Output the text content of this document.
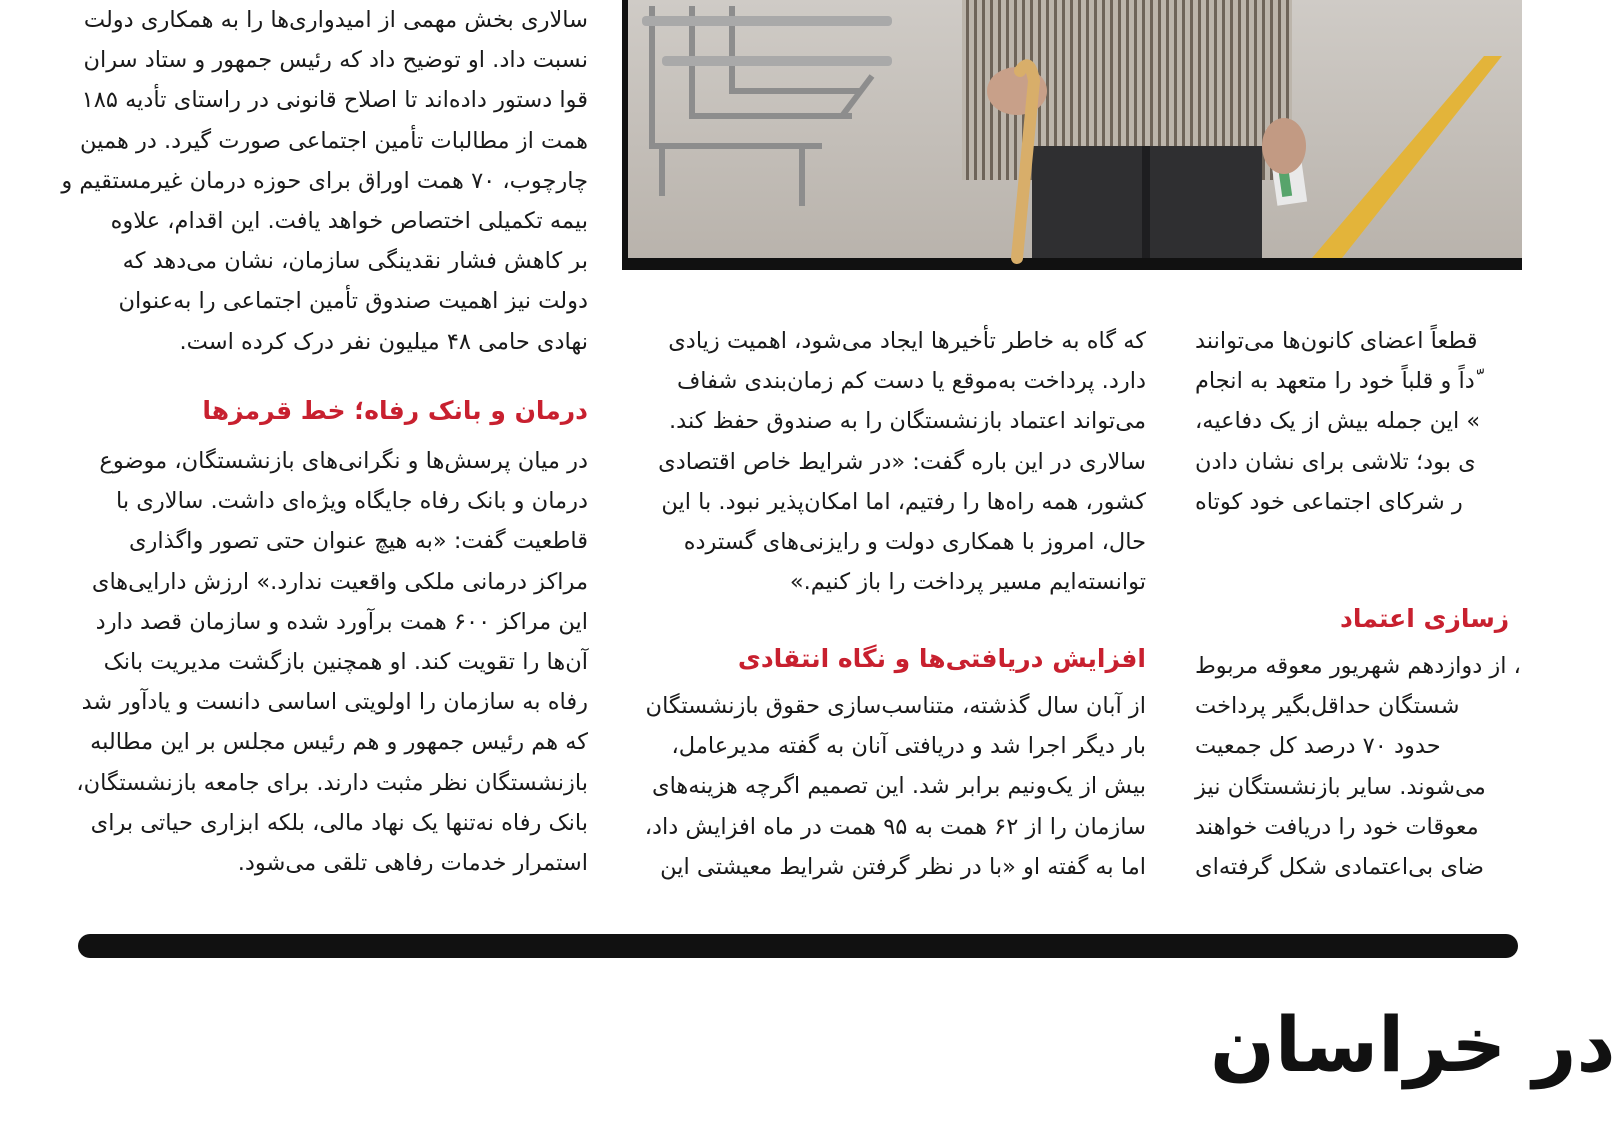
سالاری بخش مهمی از امیدواری‌ها را به همکاری دولت
نسبت داد. او توضیح داد که رئیس جمهور و ستاد سران
قوا دستور داده‌اند تا اصلاح قانونی در راستای تأدیه ۱۸۵
همت از مطالبات تأمین اجتماعی صورت گیرد. در همین
چارچوب، ۷۰ همت اوراق برای حوزه درمان غیرمستقیم و
بیمه تکمیلی اختصاص خواهد یافت. این اقدام، علاوه
بر کاهش فشار نقدینگی سازمان، نشان می‌دهد که
دولت نیز اهمیت صندوق تأمین اجتماعی را به‌عنوان
نهادی حامی ۴۸ میلیون نفر درک کرده است.
درمان و بانک رفاه؛ خط قرمزها
در میان پرسش‌ها و نگرانی‌های بازنشستگان، موضوع
درمان و بانک رفاه جایگاه ویژه‌ای داشت. سالاری با
قاطعیت گفت: «به هیچ عنوان حتی تصور واگذاری
مراکز درمانی ملکی واقعیت ندارد.» ارزش دارایی‌های
این مراکز ۶۰۰ همت برآورد شده و سازمان قصد دارد
آن‌ها را تقویت کند. او همچنین بازگشت مدیریت بانک
رفاه به سازمان را اولویتی اساسی دانست و یادآور شد
که هم رئیس جمهور و هم رئیس مجلس بر این مطالبه
بازنشستگان نظر مثبت دارند. برای جامعه بازنشستگان،
بانک رفاه نه‌تنها یک نهاد مالی، بلکه ابزاری حیاتی برای
استمرار خدمات رفاهی تلقی می‌شود.
که گاه به خاطر تأخیرها ایجاد می‌شود، اهمیت زیادی
دارد. پرداخت به‌موقع یا دست کم زمان‌بندی شفاف
می‌تواند اعتماد بازنشستگان را به صندوق حفظ کند.
سالاری در این باره گفت: «در شرایط خاص اقتصادی
کشور، همه راه‌ها را رفتیم، اما امکان‌پذیر نبود. با این
حال، امروز با همکاری دولت و رایزنی‌های گسترده
توانسته‌ایم مسیر پرداخت را باز کنیم.»
افزایش دریافتی‌ها و نگاه انتقادی
از آبان سال گذشته، متناسب‌سازی حقوق بازنشستگان
بار دیگر اجرا شد و دریافتی آنان به گفته مدیرعامل،
بیش از یک‌ونیم برابر شد. این تصمیم اگرچه هزینه‌های
سازمان را از ۶۲ همت به ۹۵ همت در ماه افزایش داد،
اما به گفته او «با در نظر گرفتن شرایط معیشتی این
قطعاً اعضای کانون‌ها می‌توانند
ّداً و قلباً خود را متعهد به انجام
» این جمله بیش از یک دفاعیه،
ی بود؛ تلاشی برای نشان دادن
ر شرکای اجتماعی خود کوتاه
زسازی اعتماد
، از دوازدهم شهریور معوقه مربوط
شستگان حداقل‌بگیر پرداخت
حدود ۷۰ درصد کل جمعیت
می‌شوند. سایر بازنشستگان نیز
معوقات خود را دریافت خواهند
ضای بی‌اعتمادی شکل گرفته‌ای
در خراسان
